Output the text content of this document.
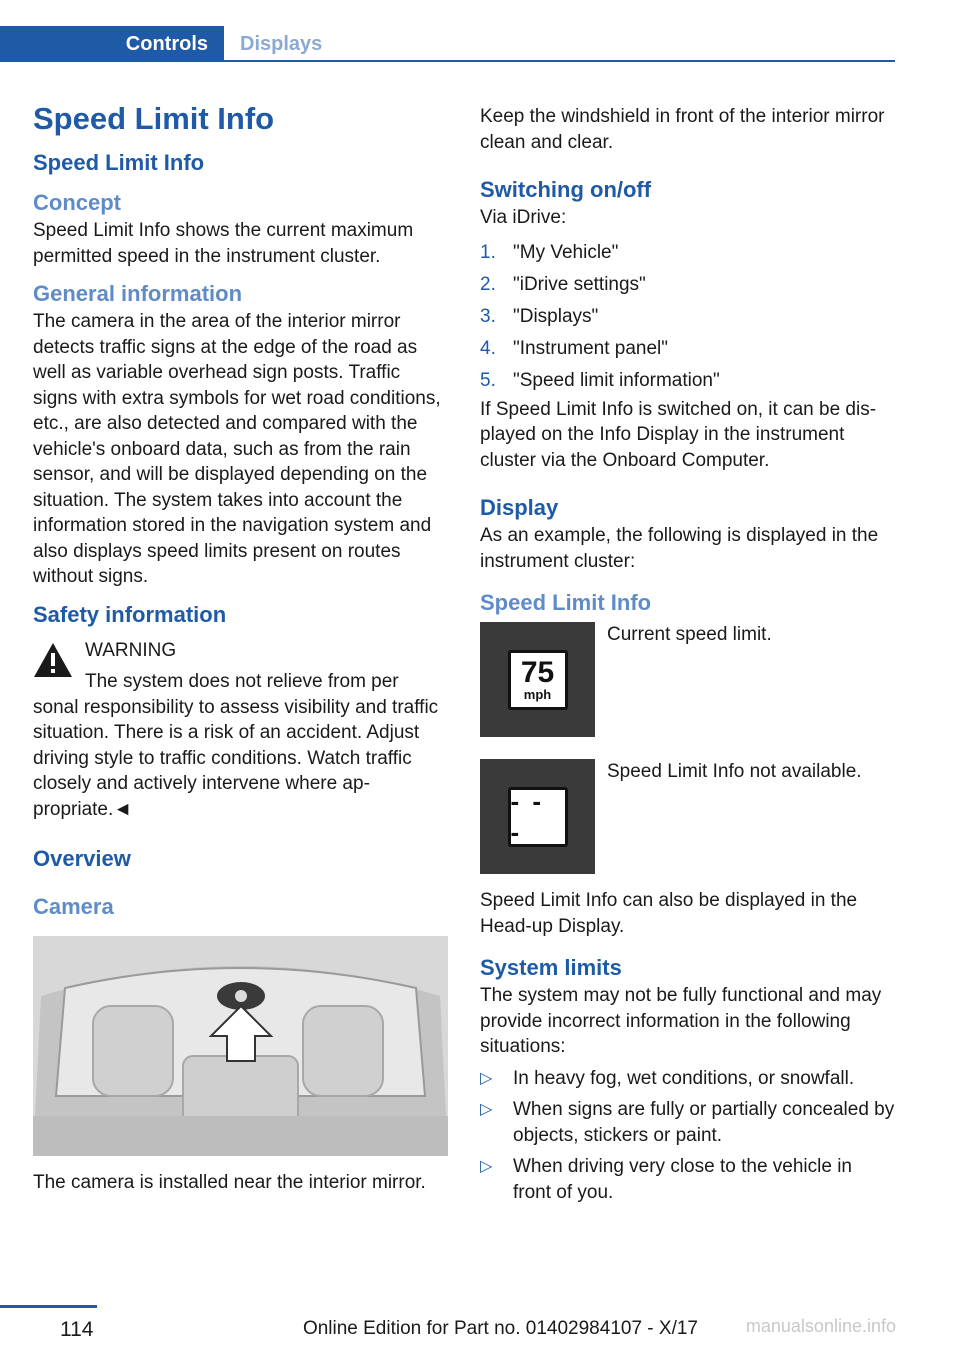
Controls	Displays
Speed Limit Info
Speed Limit Info
Concept
Speed Limit Info shows the current maximum permitted speed in the instrument cluster.
General information
The camera in the area of the interior mirror detects traffic signs at the edge of the road as well as variable overhead sign posts. Traffic signs with extra symbols for wet road conditions, etc., are also detected and compared with the vehicle's onboard data, such as from the rain sensor, and will be displayed depending on the situation. The system takes into account the information stored in the navigation system and also displays speed limits present on routes without signs.
Safety information
WARNING
The system does not relieve from per
sonal responsibility to assess visibility and traffic situation. There is a risk of an accident. Adjust driving style to traffic conditions. Watch traffic closely and actively intervene where appropriate.◄
Overview
Camera
The camera is installed near the interior mirror.
Keep the windshield in front of the interior mirror clean and clear.
Switching on/off
Via iDrive:
1. "My Vehicle"
2. "iDrive settings"
3. "Displays"
4. "Instrument panel"
5. "Speed limit information"
If Speed Limit Info is switched on, it can be displayed on the Info Display in the instrument cluster via the Onboard Computer.
Display
As an example, the following is displayed in the instrument cluster:
Speed Limit Info
75
mph
Current speed limit.
- - -
Speed Limit Info not available.
Speed Limit Info can also be displayed in the Head-up Display.
System limits
The system may not be fully functional and may provide incorrect information in the following situations:
▷	In heavy fog, wet conditions, or snowfall.
▷	When signs are fully or partially concealed by objects, stickers or paint.
▷	When driving very close to the vehicle in front of you.
114	Online Edition for Part no. 01402984107 - X/17	manualsonline.info
